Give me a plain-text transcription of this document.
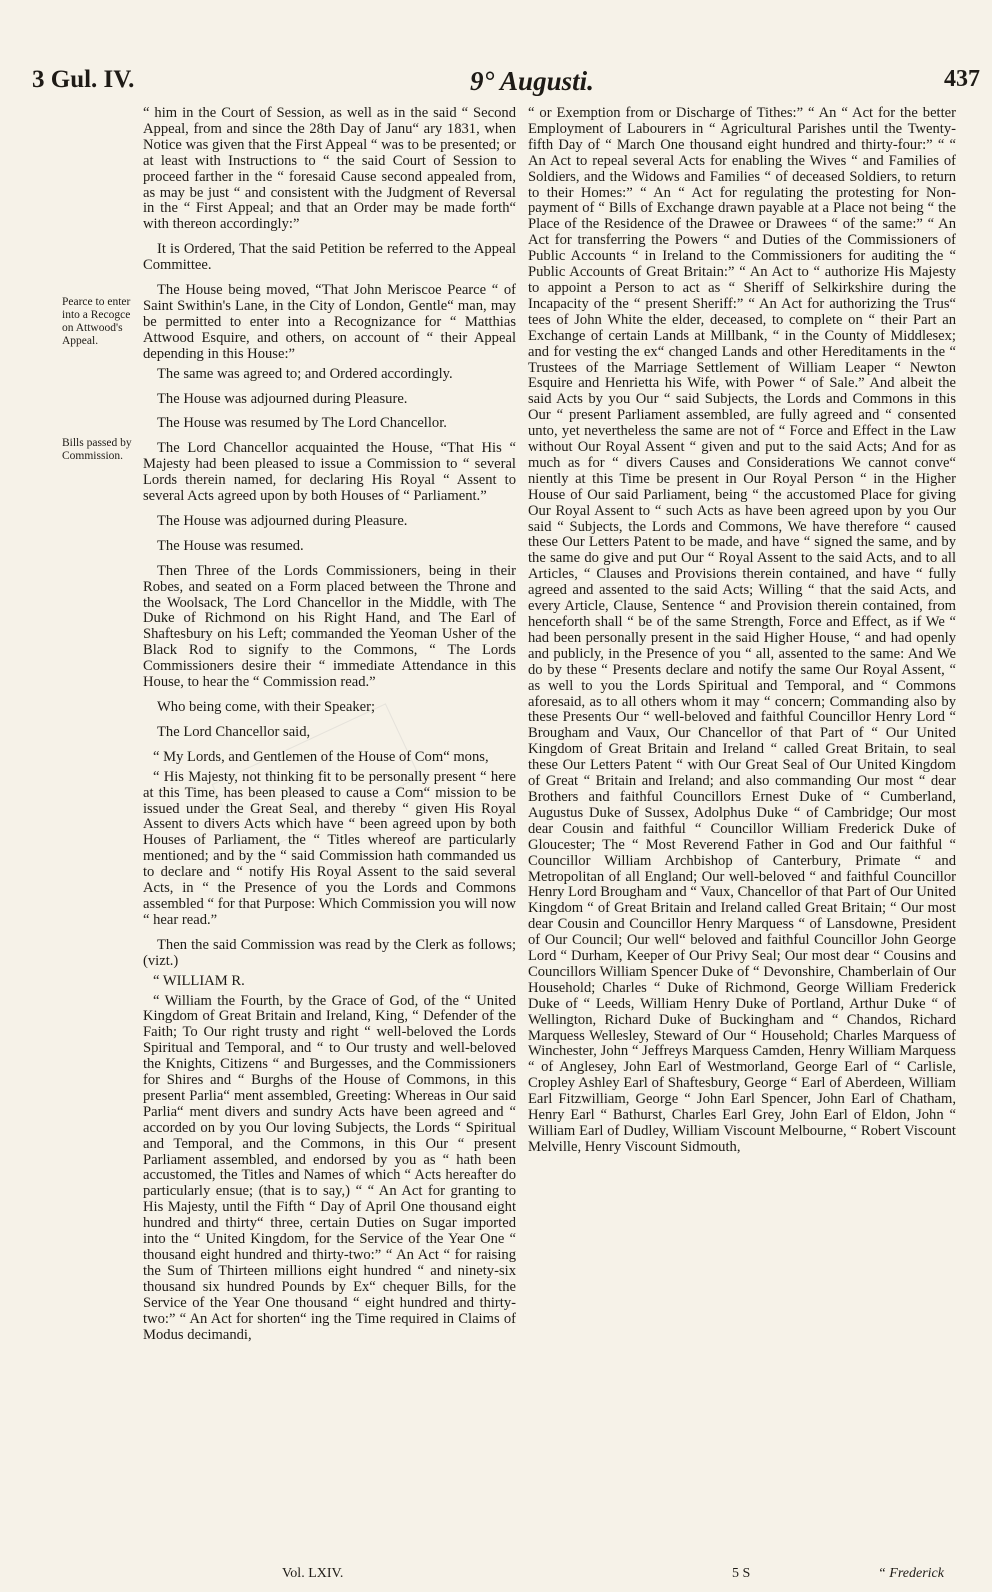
3 Gul. IV.	9° Augusti.	437
Pearce to enter into a Recogce on Attwood's Appeal.
Bills passed by Commission.

“ him in the Court of Session, as well as in the said “ Second Appeal, from and since the 28th Day of Janu“ ary 1831, when Notice was given that the First Appeal “ was to be presented; or at least with Instructions to “ the said Court of Session to proceed farther in the “ foresaid Cause second appealed from, as may be just “ and consistent with the Judgment of Reversal in the “ First Appeal; and that an Order may be made forth“ with thereon accordingly:”

It is Ordered, That the said Petition be referred to the Appeal Committee.

The House being moved, “That John Meriscoe Pearce “ of Saint Swithin's Lane, in the City of London, Gentle“ man, may be permitted to enter into a Recognizance for “ Matthias Attwood Esquire, and others, on account of “ their Appeal depending in this House:”

The same was agreed to; and Ordered accordingly.

The House was adjourned during Pleasure.

The House was resumed by The Lord Chancellor.

The Lord Chancellor acquainted the House, “That His “ Majesty had been pleased to issue a Commission to “ several Lords therein named, for declaring His Royal “ Assent to several Acts agreed upon by both Houses of “ Parliament.”

The House was adjourned during Pleasure.

The House was resumed.

Then Three of the Lords Commissioners, being in their Robes, and seated on a Form placed between the Throne and the Woolsack, The Lord Chancellor in the Middle, with The Duke of Richmond on his Right Hand, and The Earl of Shaftesbury on his Left; commanded the Yeoman Usher of the Black Rod to signify to the Commons, “ The Lords Commissioners desire their “ immediate Attendance in this House, to hear the “ Commission read.”

Who being come, with their Speaker;

The Lord Chancellor said,

“ My Lords, and Gentlemen of the House of Com“ mons,

“ His Majesty, not thinking fit to be personally present “ here at this Time, has been pleased to cause a Com“ mission to be issued under the Great Seal, and thereby “ given His Royal Assent to divers Acts which have “ been agreed upon by both Houses of Parliament, the “ Titles whereof are particularly mentioned; and by the “ said Commission hath commanded us to declare and “ notify His Royal Assent to the said several Acts, in “ the Presence of you the Lords and Commons assembled “ for that Purpose: Which Commission you will now “ hear read.”

Then the said Commission was read by the Clerk as follows; (vizt.)

“ WILLIAM R.

“ William the Fourth, by the Grace of God, of the “ United Kingdom of Great Britain and Ireland, King, “ Defender of the Faith; To Our right trusty and right “ well-beloved the Lords Spiritual and Temporal, and “ to Our trusty and well-beloved the Knights, Citizens “ and Burgesses, and the Commissioners for Shires and “ Burghs of the House of Commons, in this present Parlia“ ment assembled, Greeting: Whereas in Our said Parlia“ ment divers and sundry Acts have been agreed and “ accorded on by you Our loving Subjects, the Lords “ Spiritual and Temporal, and the Commons, in this Our “ present Parliament assembled, and endorsed by you as “ hath been accustomed, the Titles and Names of which “ Acts hereafter do particularly ensue; (that is to say,) “ “ An Act for granting to His Majesty, until the Fifth “ Day of April One thousand eight hundred and thirty“ three, certain Duties on Sugar imported into the “ United Kingdom, for the Service of the Year One “ thousand eight hundred and thirty-two:” “ An Act “ for raising the Sum of Thirteen millions eight hundred “ and ninety-six thousand six hundred Pounds by Ex“ chequer Bills, for the Service of the Year One thousand “ eight hundred and thirty-two:” “ An Act for shorten“ ing the Time required in Claims of Modus decimandi,

“ or Exemption from or Discharge of Tithes:” “ An “ Act for the better Employment of Labourers in “ Agricultural Parishes until the Twenty-fifth Day of “ March One thousand eight hundred and thirty-four:” “ “ An Act to repeal several Acts for enabling the Wives “ and Families of Soldiers, and the Widows and Families “ of deceased Soldiers, to return to their Homes:” “ An “ Act for regulating the protesting for Non-payment of “ Bills of Exchange drawn payable at a Place not being “ the Place of the Residence of the Drawee or Drawees “ of the same:” “ An Act for transferring the Powers “ and Duties of the Commissioners of Public Accounts “ in Ireland to the Commissioners for auditing the “ Public Accounts of Great Britain:” “ An Act to “ authorize His Majesty to appoint a Person to act as “ Sheriff of Selkirkshire during the Incapacity of the “ present Sheriff:” “ An Act for authorizing the Trus“ tees of John White the elder, deceased, to complete on “ their Part an Exchange of certain Lands at Millbank, “ in the County of Middlesex; and for vesting the ex“ changed Lands and other Hereditaments in the “ Trustees of the Marriage Settlement of William Leaper “ Newton Esquire and Henrietta his Wife, with Power “ of Sale.” And albeit the said Acts by you Our “ said Subjects, the Lords and Commons in this Our “ present Parliament assembled, are fully agreed and “ consented unto, yet nevertheless the same are not of “ Force and Effect in the Law without Our Royal Assent “ given and put to the said Acts; And for as much as for “ divers Causes and Considerations We cannot conve“ niently at this Time be present in Our Royal Person “ in the Higher House of Our said Parliament, being “ the accustomed Place for giving Our Royal Assent to “ such Acts as have been agreed upon by you Our said “ Subjects, the Lords and Commons, We have therefore “ caused these Our Letters Patent to be made, and have “ signed the same, and by the same do give and put Our “ Royal Assent to the said Acts, and to all Articles, “ Clauses and Provisions therein contained, and have “ fully agreed and assented to the said Acts; Willing “ that the said Acts, and every Article, Clause, Sentence “ and Provision therein contained, from henceforth shall “ be of the same Strength, Force and Effect, as if We “ had been personally present in the said Higher House, “ and had openly and publicly, in the Presence of you “ all, assented to the same: And We do by these “ Presents declare and notify the same Our Royal Assent, “ as well to you the Lords Spiritual and Temporal, and “ Commons aforesaid, as to all others whom it may “ concern; Commanding also by these Presents Our “ well-beloved and faithful Councillor Henry Lord “ Brougham and Vaux, Our Chancellor of that Part of “ Our United Kingdom of Great Britain and Ireland “ called Great Britain, to seal these Our Letters Patent “ with Our Great Seal of Our United Kingdom of Great “ Britain and Ireland; and also commanding Our most “ dear Brothers and faithful Councillors Ernest Duke of “ Cumberland, Augustus Duke of Sussex, Adolphus Duke “ of Cambridge; Our most dear Cousin and faithful “ Councillor William Frederick Duke of Gloucester; The “ Most Reverend Father in God and Our faithful “ Councillor William Archbishop of Canterbury, Primate “ and Metropolitan of all England; Our well-beloved “ and faithful Councillor Henry Lord Brougham and “ Vaux, Chancellor of that Part of Our United Kingdom “ of Great Britain and Ireland called Great Britain; “ Our most dear Cousin and Councillor Henry Marquess “ of Lansdowne, President of Our Council; Our well“ beloved and faithful Councillor John George Lord “ Durham, Keeper of Our Privy Seal; Our most dear “ Cousins and Councillors William Spencer Duke of “ Devonshire, Chamberlain of Our Household; Charles “ Duke of Richmond, George William Frederick Duke of “ Leeds, William Henry Duke of Portland, Arthur Duke “ of Wellington, Richard Duke of Buckingham and “ Chandos, Richard Marquess Wellesley, Steward of Our “ Household; Charles Marquess of Winchester, John “ Jeffreys Marquess Camden, Henry William Marquess “ of Anglesey, John Earl of Westmorland, George Earl of “ Carlisle, Cropley Ashley Earl of Shaftesbury, George “ Earl of Aberdeen, William Earl Fitzwilliam, George “ John Earl Spencer, John Earl of Chatham, Henry Earl “ Bathurst, Charles Earl Grey, John Earl of Eldon, John “ William Earl of Dudley, William Viscount Melbourne, “ Robert Viscount Melville, Henry Viscount Sidmouth,

Vol. LXIV.	5 S	“ Frederick
